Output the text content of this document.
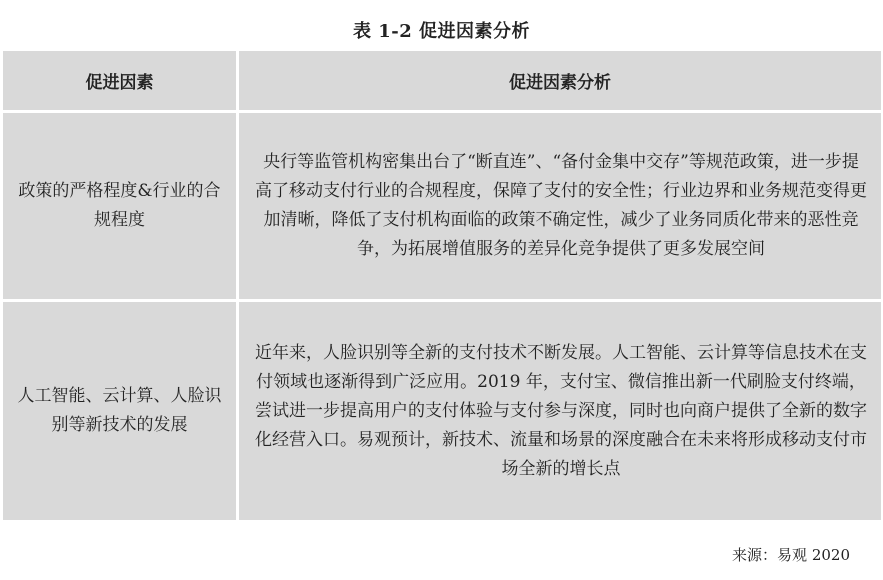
表 1-2 促进因素分析
促进因素	促进因素分析
政策的严格程度&行业的合规程度	央行等监管机构密集出台了“断直连”、“备付金集中交存”等规范政策，进一步提高了移动支付行业的合规程度，保障了支付的安全性；行业边界和业务规范变得更加清晰，降低了支付机构面临的政策不确定性，减少了业务同质化带来的恶性竞争，为拓展增值服务的差异化竞争提供了更多发展空间
人工智能、云计算、人脸识别等新技术的发展	近年来，人脸识别等全新的支付技术不断发展。人工智能、云计算等信息技术在支付领域也逐渐得到广泛应用。2019 年，支付宝、微信推出新一代刷脸支付终端，尝试进一步提高用户的支付体验与支付参与深度，同时也向商户提供了全新的数字化经营入口。易观预计，新技术、流量和场景的深度融合在未来将形成移动支付市场全新的增长点
来源：易观 2020
